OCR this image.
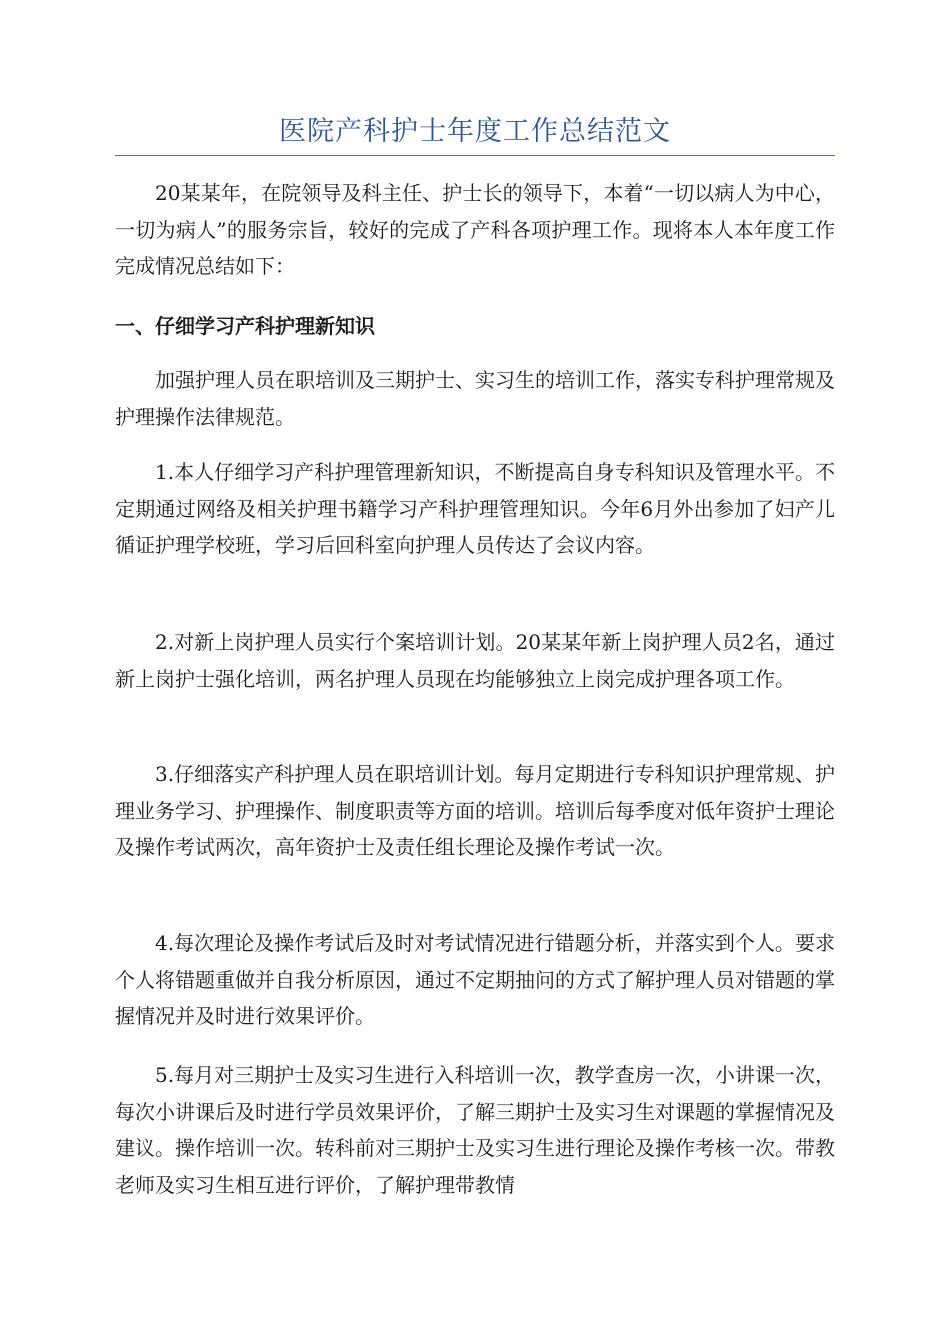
医院产科护士年度工作总结范文

20某某年，在院领导及科主任、护士长的领导下，本着“一切以病人为中心，一切为病人”的服务宗旨，较好的完成了产科各项护理工作。现将本人本年度工作完成情况总结如下：

一、仔细学习产科护理新知识

加强护理人员在职培训及三期护士、实习生的培训工作，落实专科护理常规及护理操作法律规范。

1.本人仔细学习产科护理管理新知识，不断提高自身专科知识及管理水平。不定期通过网络及相关护理书籍学习产科护理管理知识。今年6月外出参加了妇产儿循证护理学校班，学习后回科室向护理人员传达了会议内容。

2.对新上岗护理人员实行个案培训计划。20某某年新上岗护理人员2名，通过新上岗护士强化培训，两名护理人员现在均能够独立上岗完成护理各项工作。

3.仔细落实产科护理人员在职培训计划。每月定期进行专科知识护理常规、护理业务学习、护理操作、制度职责等方面的培训。培训后每季度对低年资护士理论及操作考试两次，高年资护士及责任组长理论及操作考试一次。

4.每次理论及操作考试后及时对考试情况进行错题分析，并落实到个人。要求个人将错题重做并自我分析原因，通过不定期抽问的方式了解护理人员对错题的掌握情况并及时进行效果评价。

5.每月对三期护士及实习生进行入科培训一次，教学查房一次，小讲课一次，每次小讲课后及时进行学员效果评价，了解三期护士及实习生对课题的掌握情况及建议。操作培训一次。转科前对三期护士及实习生进行理论及操作考核一次。带教老师及实习生相互进行评价，了解护理带教情
